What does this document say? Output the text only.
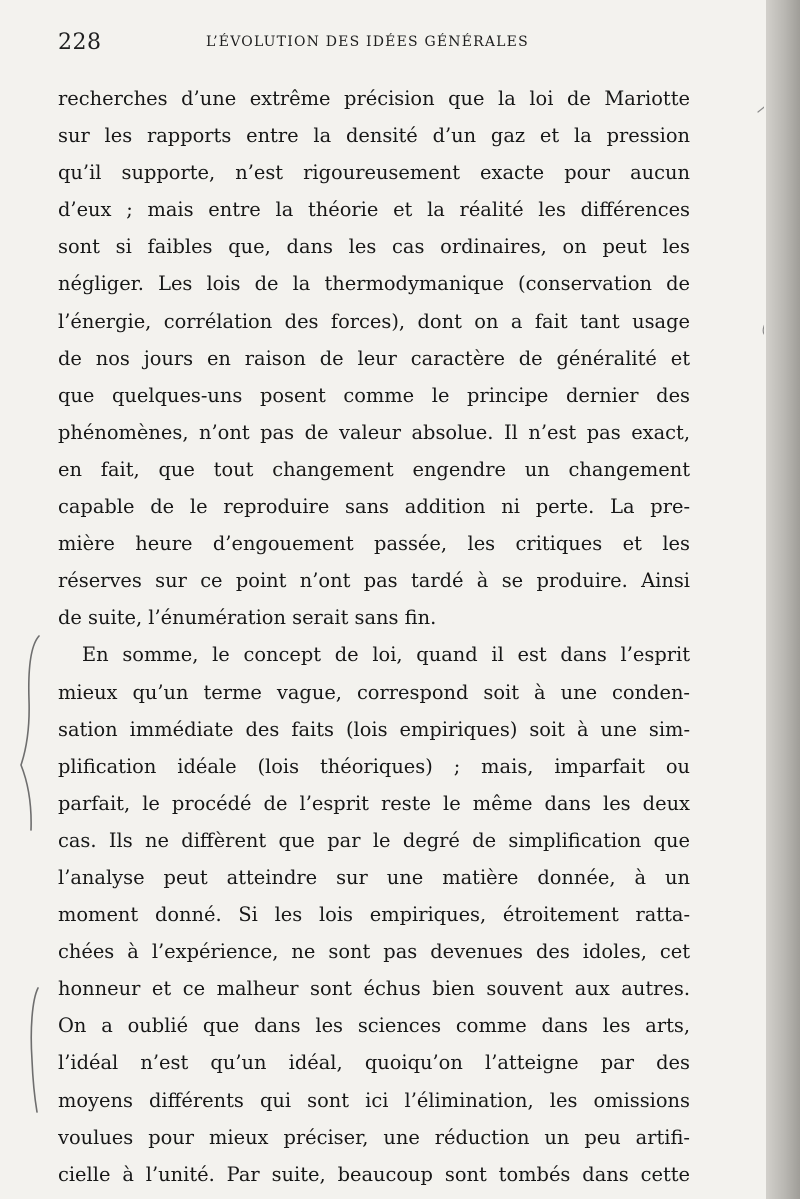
228	L’ÉVOLUTION DES IDÉES GÉNÉRALES
recherches d’une extrême précision que la loi de Mariotte
sur les rapports entre la densité d’un gaz et la pression
qu’il supporte, n’est rigoureusement exacte pour aucun
d’eux ; mais entre la théorie et la réalité les différences
sont si faibles que, dans les cas ordinaires, on peut les
négliger. Les lois de la thermodymanique (conservation de
l’énergie, corrélation des forces), dont on a fait tant usage
de nos jours en raison de leur caractère de généralité et
que quelques-uns posent comme le principe dernier des
phénomènes, n’ont pas de valeur absolue. Il n’est pas exact,
en fait, que tout changement engendre un changement
capable de le reproduire sans addition ni perte. La pre-
mière heure d’engouement passée, les critiques et les
réserves sur ce point n’ont pas tardé à se produire. Ainsi
de suite, l’énumération serait sans fin.
En somme, le concept de loi, quand il est dans l’esprit
mieux qu’un terme vague, correspond soit à une conden-
sation immédiate des faits (lois empiriques) soit à une sim-
plification idéale (lois théoriques) ; mais, imparfait ou
parfait, le procédé de l’esprit reste le même dans les deux
cas. Ils ne diffèrent que par le degré de simplification que
l’analyse peut atteindre sur une matière donnée, à un
moment donné. Si les lois empiriques, étroitement ratta-
chées à l’expérience, ne sont pas devenues des idoles, cet
honneur et ce malheur sont échus bien souvent aux autres.
On a oublié que dans les sciences comme dans les arts,
l’idéal n’est qu’un idéal, quoiqu’on l’atteigne par des
moyens différents qui sont ici l’élimination, les omissions
voulues pour mieux préciser, une réduction un peu artifi-
cielle à l’unité. Par suite, beaucoup sont tombés dans cette
